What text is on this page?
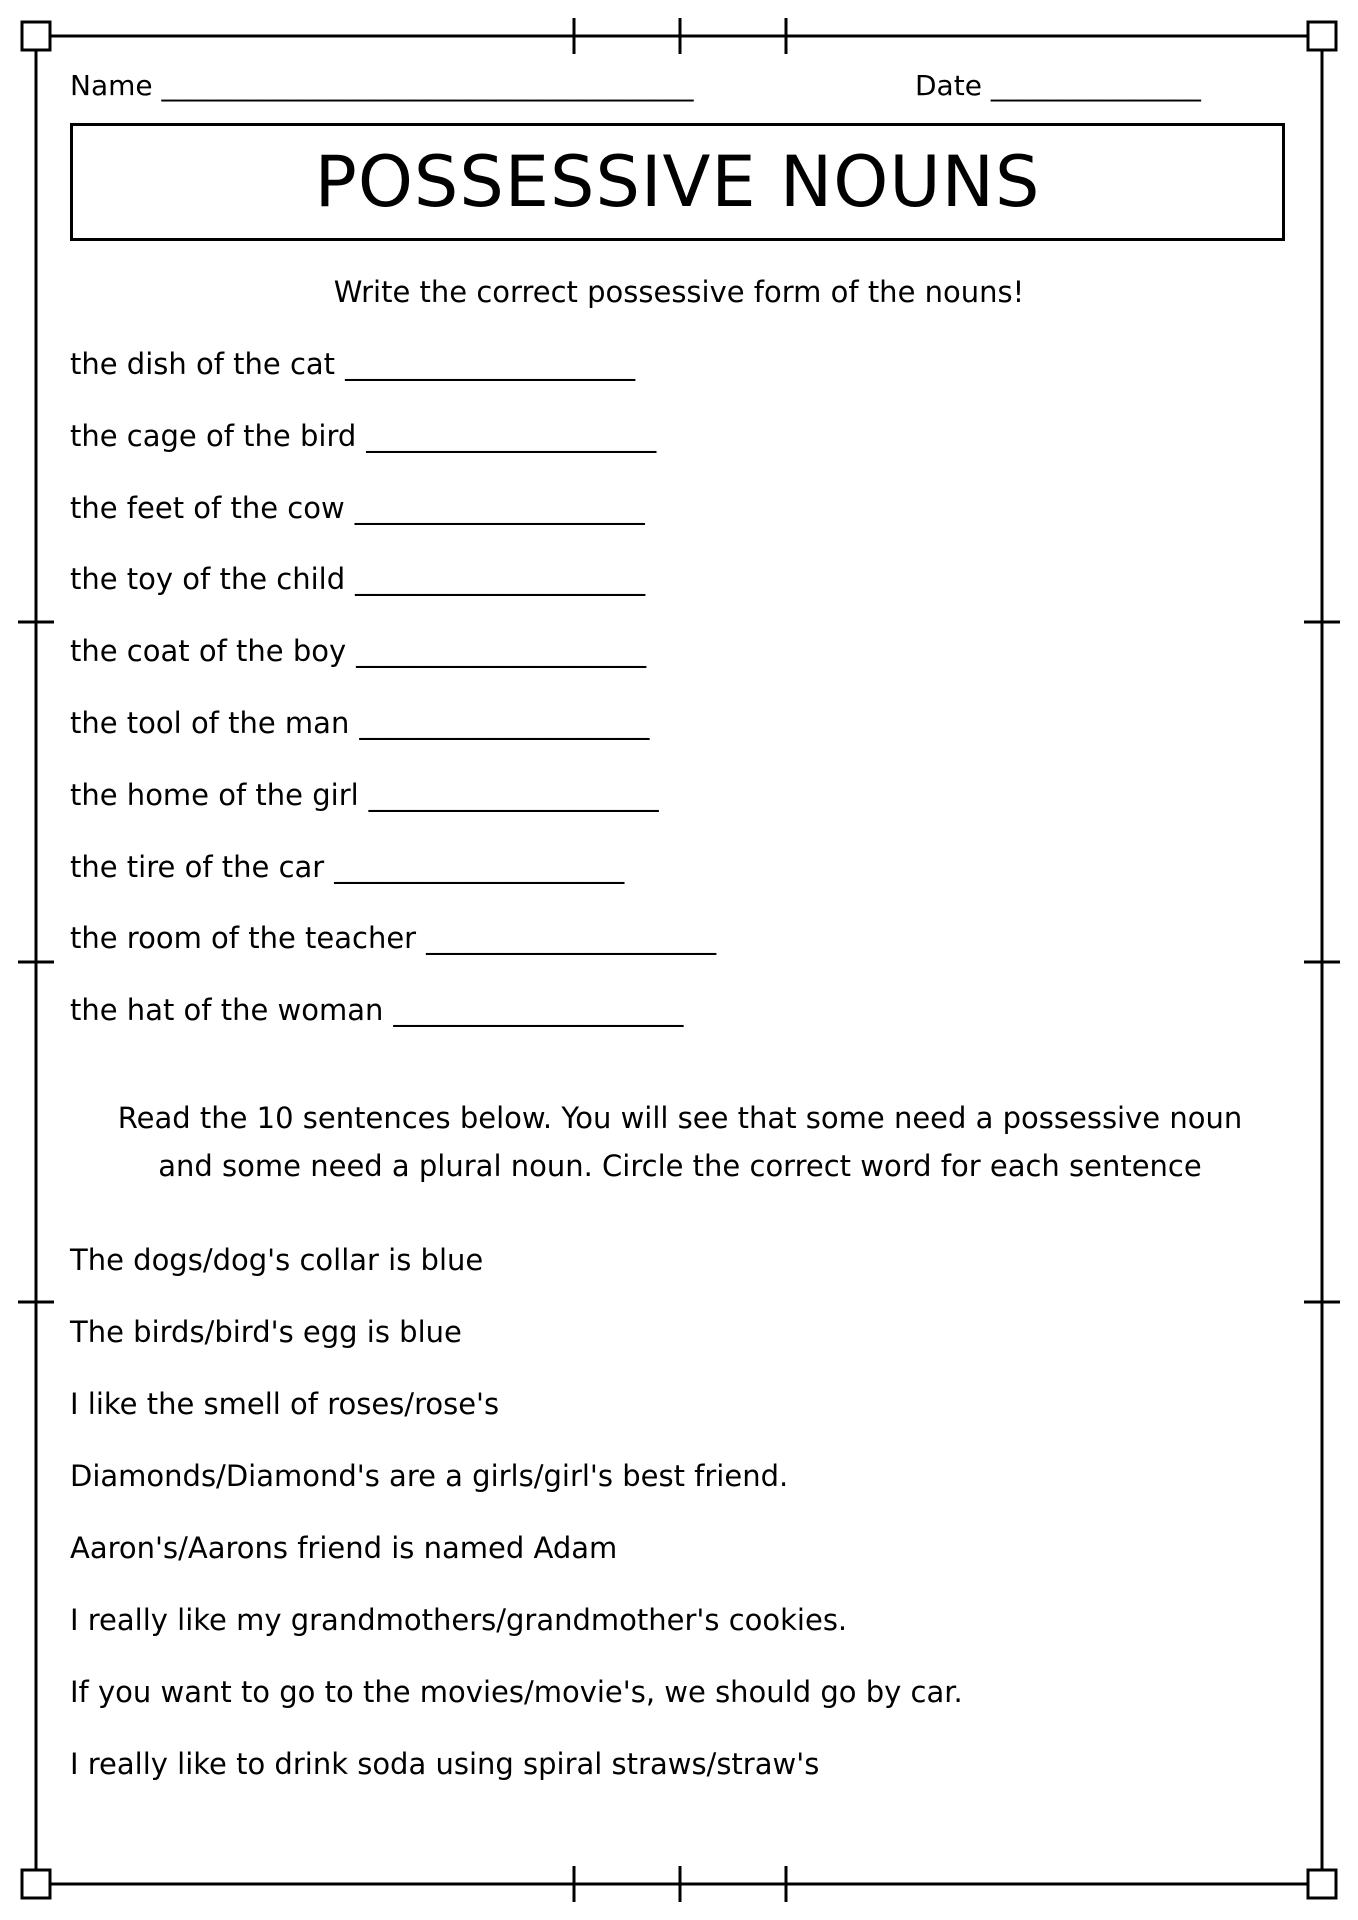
Name ______________________________________	Date _______________
POSSESSIVE NOUNS
Write the correct possessive form of the nouns!
the dish of the cat ____________________
the cage of the bird ____________________
the feet of the cow ____________________
the toy of the child ____________________
the coat of the boy ____________________
the tool of the man ____________________
the home of the girl ____________________
the tire of the car ____________________
the room of the teacher ____________________
the hat of the woman ____________________
Read the 10 sentences below. You will see that some need a possessive noun and some need a plural noun. Circle the correct word for each sentence
The dogs/dog's collar is blue
The birds/bird's egg is blue
I like the smell of roses/rose's
Diamonds/Diamond's are a girls/girl's best friend.
Aaron's/Aarons friend is named Adam
I really like my grandmothers/grandmother's cookies.
If you want to go to the movies/movie's, we should go by car.
I really like to drink soda using spiral straws/straw's
